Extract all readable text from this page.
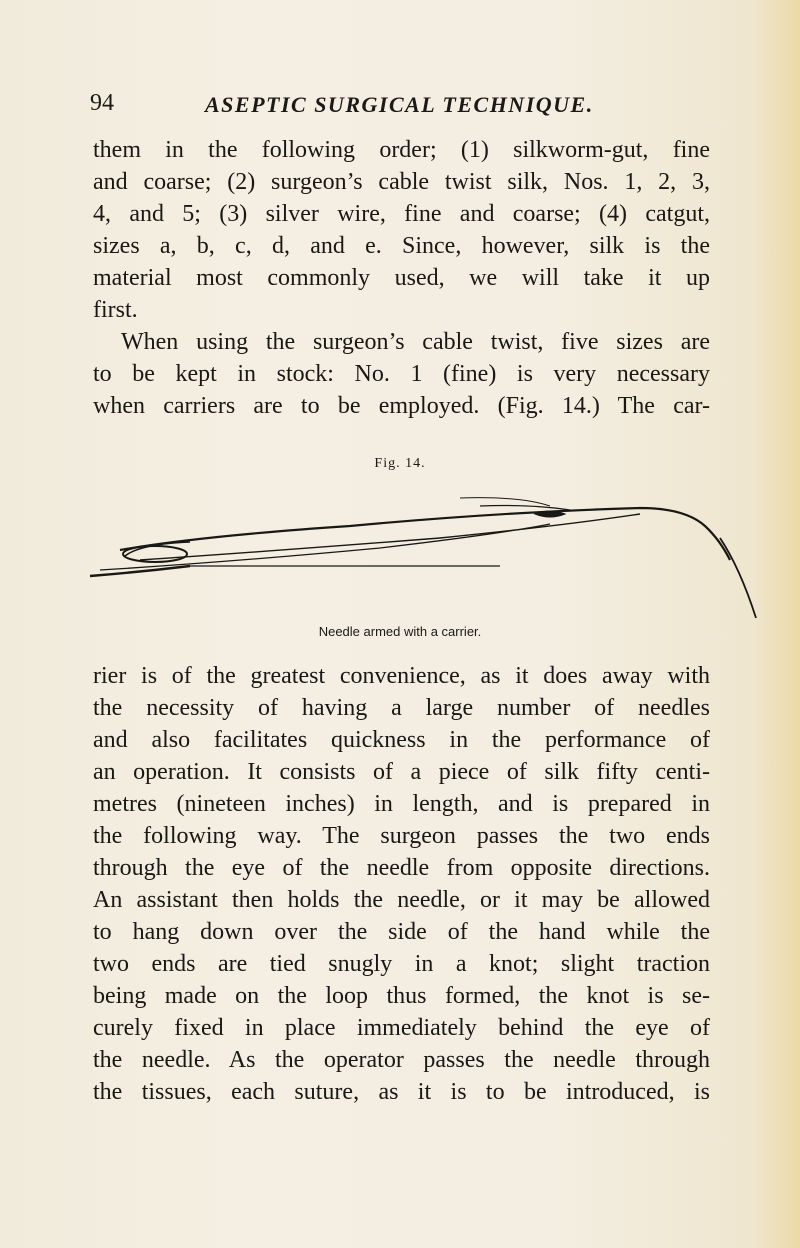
94	ASEPTIC SURGICAL TECHNIQUE.
them in the following order; (1) silkworm-gut, fine
and coarse; (2) surgeon’s cable twist silk, Nos. 1, 2, 3,
4, and 5; (3) silver wire, fine and coarse; (4) catgut,
sizes a, b, c, d, and e. Since, however, silk is the
material most commonly used, we will take it up
first.
When using the surgeon’s cable twist, five sizes are
to be kept in stock: No. 1 (fine) is very necessary
when carriers are to be employed. (Fig. 14.) The car-
Fig. 14.
Needle armed with a carrier.
rier is of the greatest convenience, as it does away with
the necessity of having a large number of needles
and also facilitates quickness in the performance of
an operation. It consists of a piece of silk fifty centi-
metres (nineteen inches) in length, and is prepared in
the following way. The surgeon passes the two ends
through the eye of the needle from opposite directions.
An assistant then holds the needle, or it may be allowed
to hang down over the side of the hand while the
two ends are tied snugly in a knot; slight traction
being made on the loop thus formed, the knot is se-
curely fixed in place immediately behind the eye of
the needle. As the operator passes the needle through
the tissues, each suture, as it is to be introduced, is
